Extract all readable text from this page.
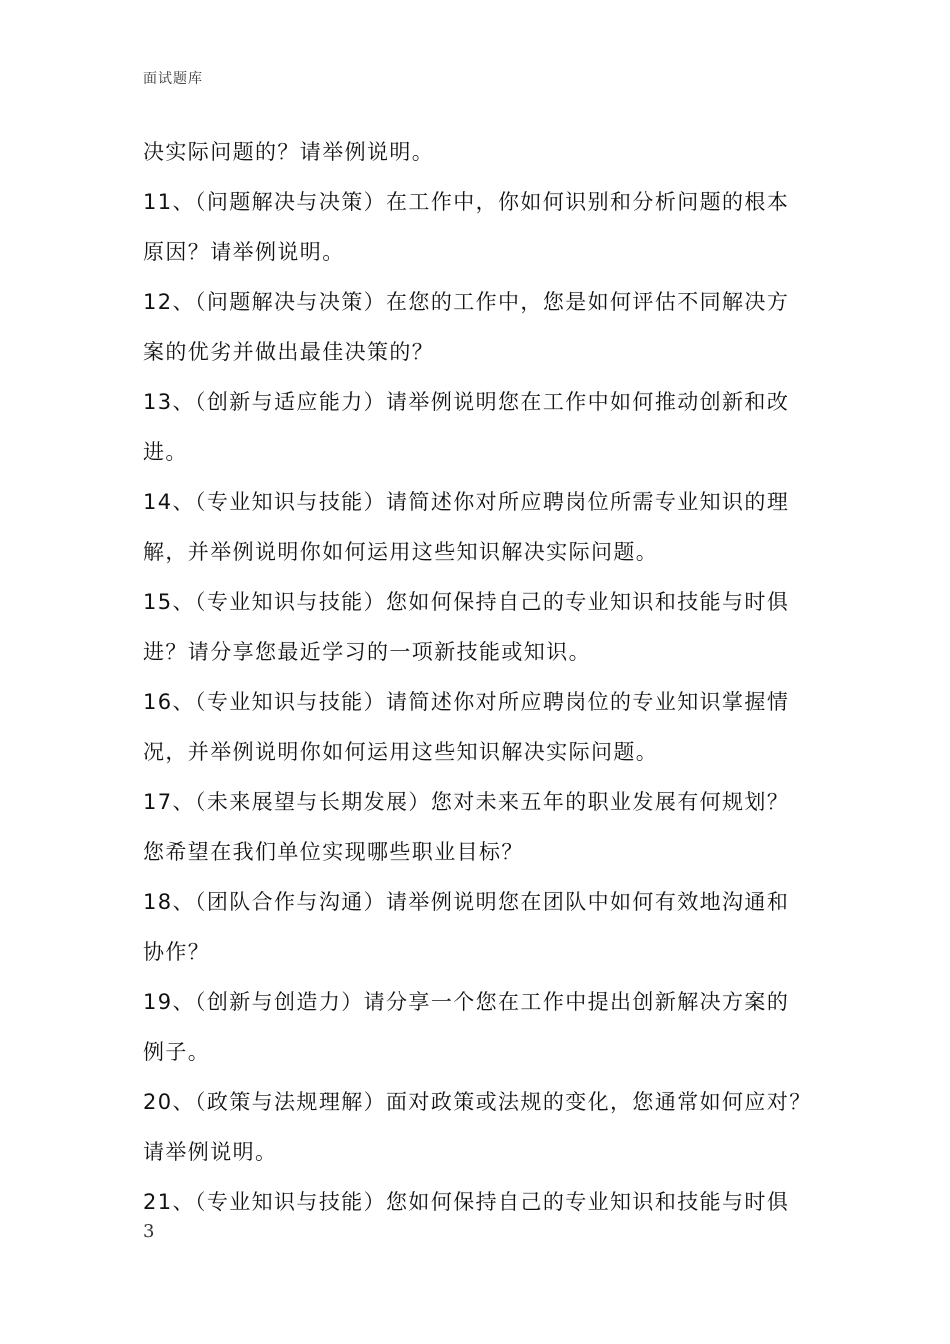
面试题库
决实际问题的？请举例说明。
11、（问题解决与决策）在工作中，你如何识别和分析问题的根本
原因？请举例说明。
12、（问题解决与决策）在您的工作中，您是如何评估不同解决方
案的优劣并做出最佳决策的？
13、（创新与适应能力）请举例说明您在工作中如何推动创新和改
进。
14、（专业知识与技能）请简述你对所应聘岗位所需专业知识的理
解，并举例说明你如何运用这些知识解决实际问题。
15、（专业知识与技能）您如何保持自己的专业知识和技能与时俱
进？请分享您最近学习的一项新技能或知识。
16、（专业知识与技能）请简述你对所应聘岗位的专业知识掌握情
况，并举例说明你如何运用这些知识解决实际问题。
17、（未来展望与长期发展）您对未来五年的职业发展有何规划？
您希望在我们单位实现哪些职业目标？
18、（团队合作与沟通）请举例说明您在团队中如何有效地沟通和
协作？
19、（创新与创造力）请分享一个您在工作中提出创新解决方案的
例子。
20、（政策与法规理解）面对政策或法规的变化，您通常如何应对？
请举例说明。
21、（专业知识与技能）您如何保持自己的专业知识和技能与时俱
3
